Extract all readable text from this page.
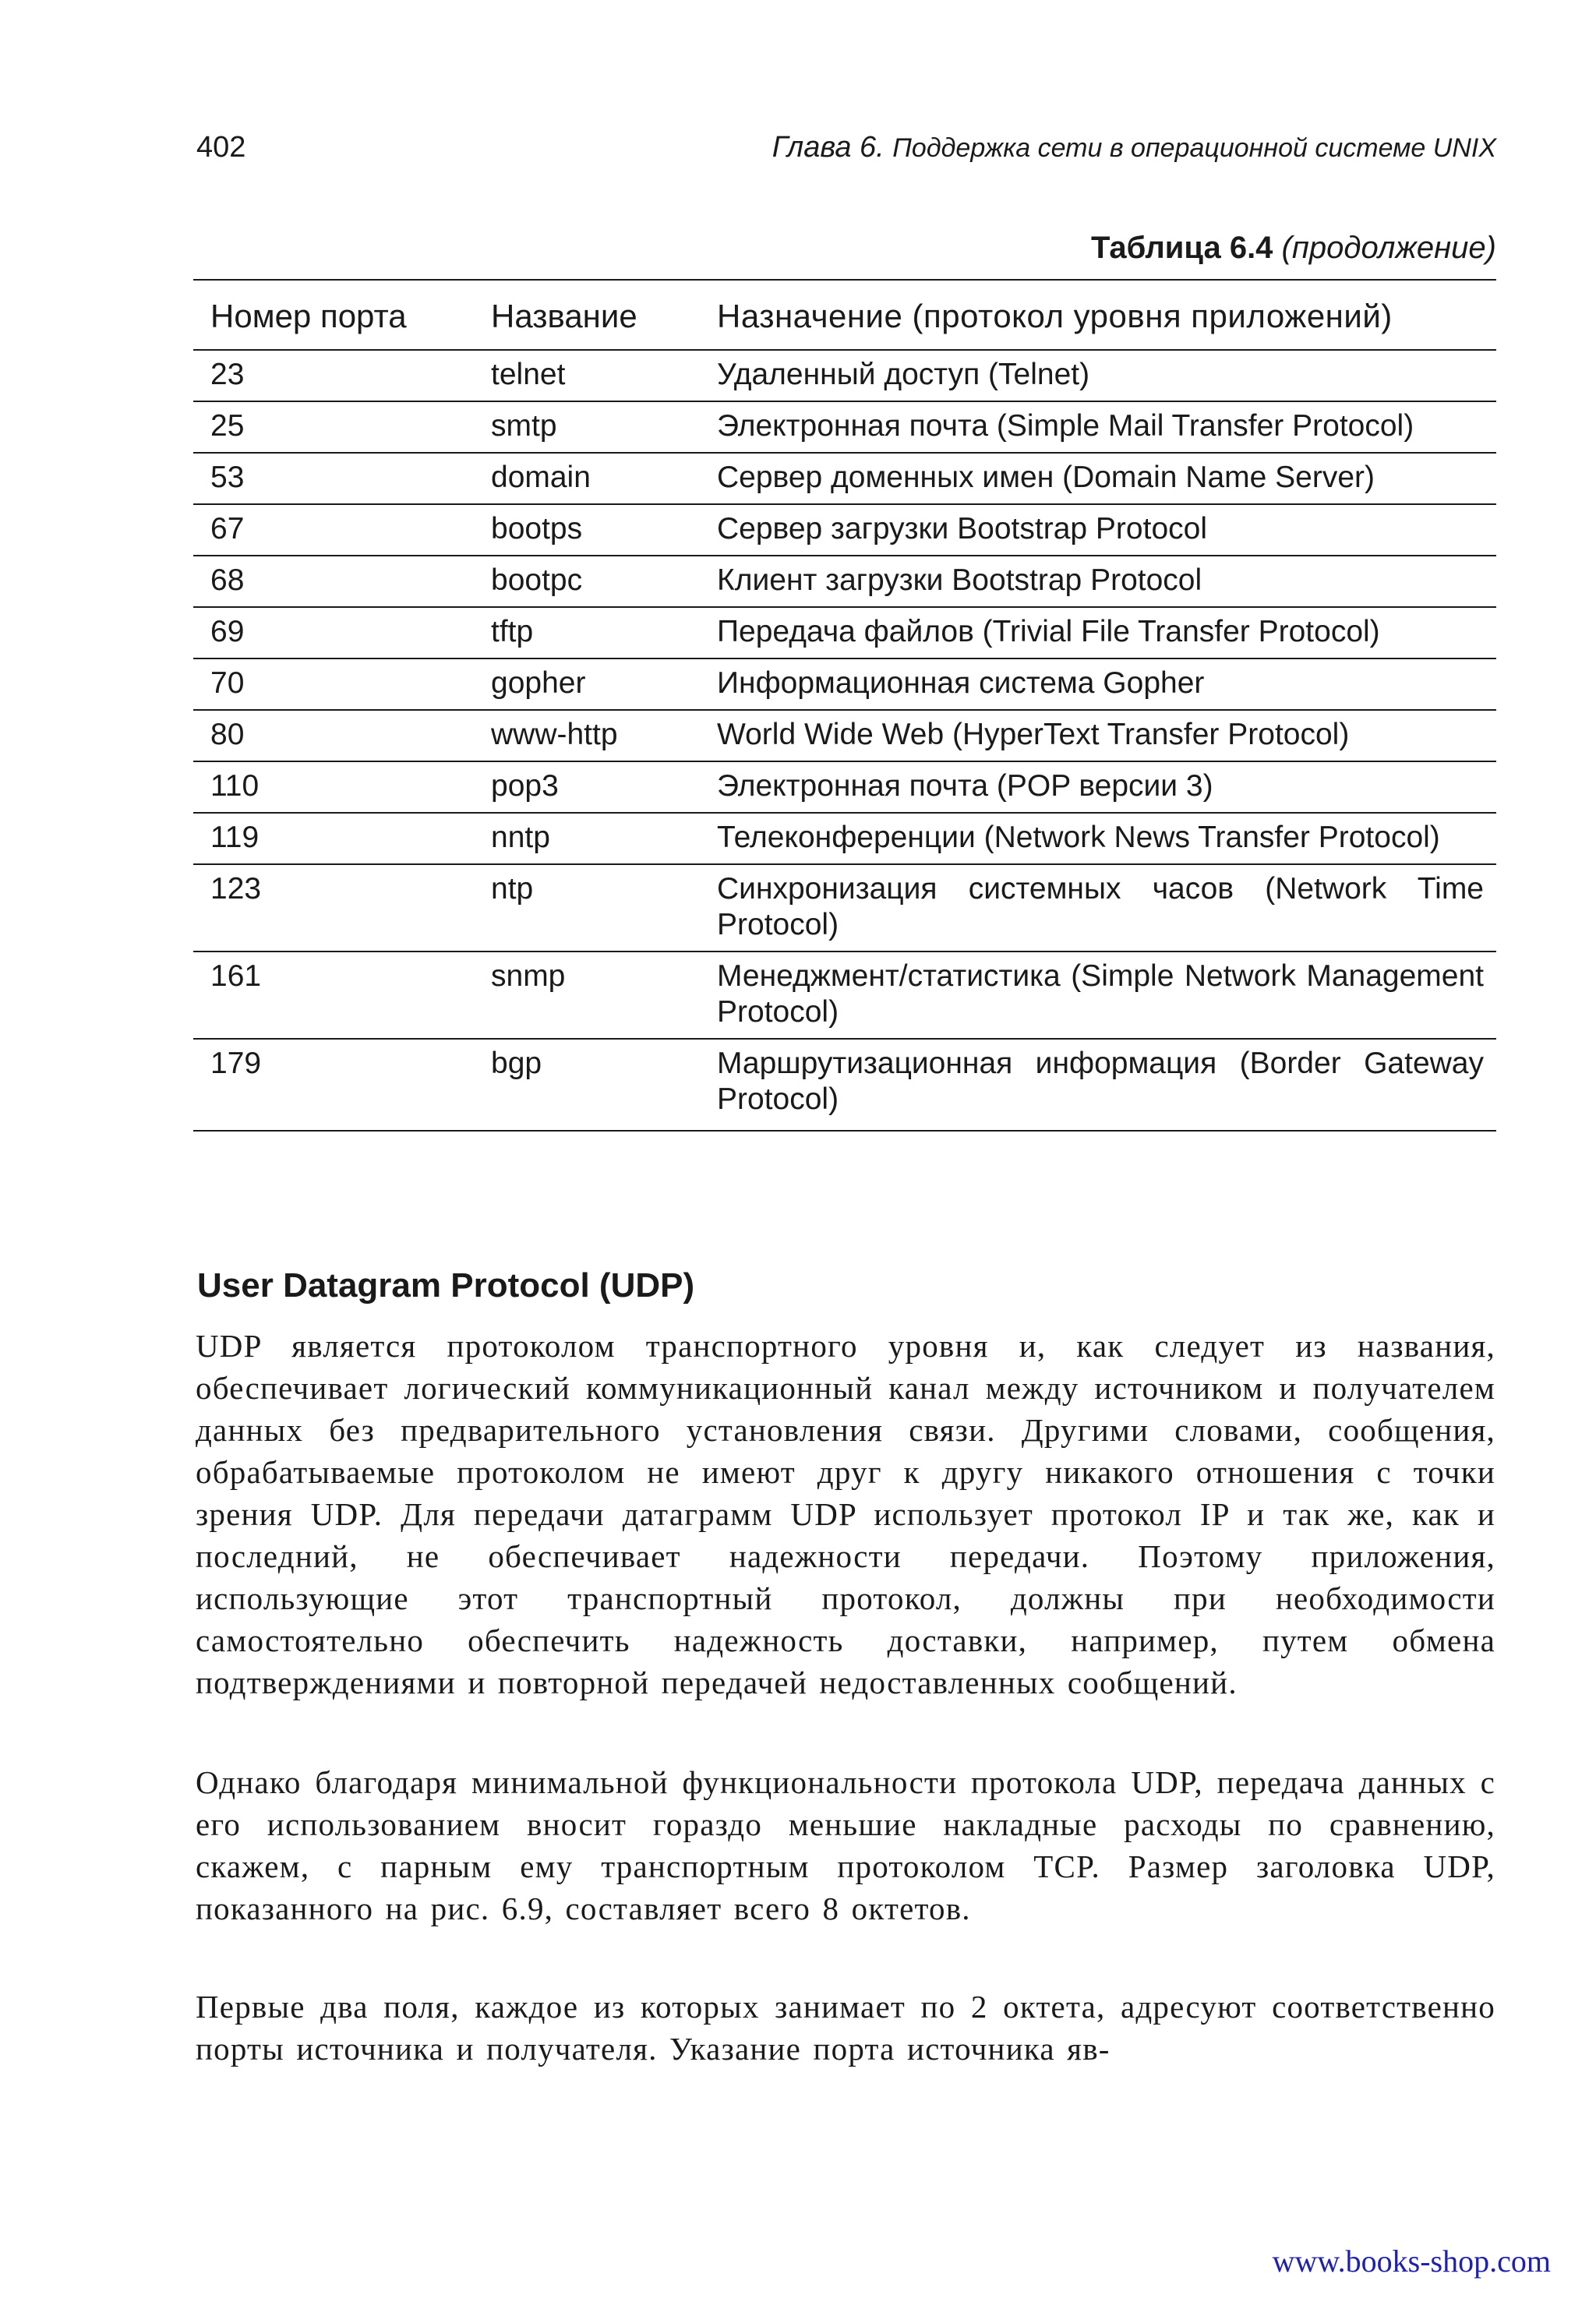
402	Глава 6. Поддержка сети в операционной системе UNIX
Таблица 6.4 (продолжение)
Номер порта	Название	Назначение (протокол уровня приложений)
23	telnet	Удаленный доступ (Telnet)
25	smtp	Электронная почта (Simple Mail Transfer Protocol)
53	domain	Сервер доменных имен (Domain Name Server)
67	bootps	Сервер загрузки Bootstrap Protocol
68	bootpc	Клиент загрузки Bootstrap Protocol
69	tftp	Передача файлов (Trivial File Transfer Protocol)
70	gopher	Информационная система Gopher
80	www-http	World Wide Web (HyperText Transfer Protocol)
110	pop3	Электронная почта (POP версии 3)
119	nntp	Телеконференции (Network News Transfer Protocol)
123	ntp	Синхронизация системных часов (Network Time Protocol)
161	snmp	Менеджмент/статистика (Simple Network Management Protocol)
179	bgp	Маршрутизационная информация (Border Gateway Protocol)
User Datagram Protocol (UDP)

UDP является протоколом транспортного уровня и, как следует из названия, обеспечивает логический коммуникационный канал между источником и получателем данных без предварительного установления связи. Другими словами, сообщения, обрабатываемые протоколом не имеют друг к другу никакого отношения с точки зрения UDP. Для передачи датаграмм UDP использует протокол IP и так же, как и последний, не обеспечивает надежности передачи. Поэтому приложения, использующие этот транспортный протокол, должны при необходимости самостоятельно обеспечить надежность доставки, например, путем обмена подтверждениями и повторной передачей недоставленных сообщений.

Однако благодаря минимальной функциональности протокола UDP, передача данных с его использованием вносит гораздо меньшие накладные расходы по сравнению, скажем, с парным ему транспортным протоколом TCP. Размер заголовка UDP, показанного на рис. 6.9, составляет всего 8 октетов.

Первые два поля, каждое из которых занимает по 2 октета, адресуют соответственно порты источника и получателя. Указание порта источника яв-

www.books-shop.com
